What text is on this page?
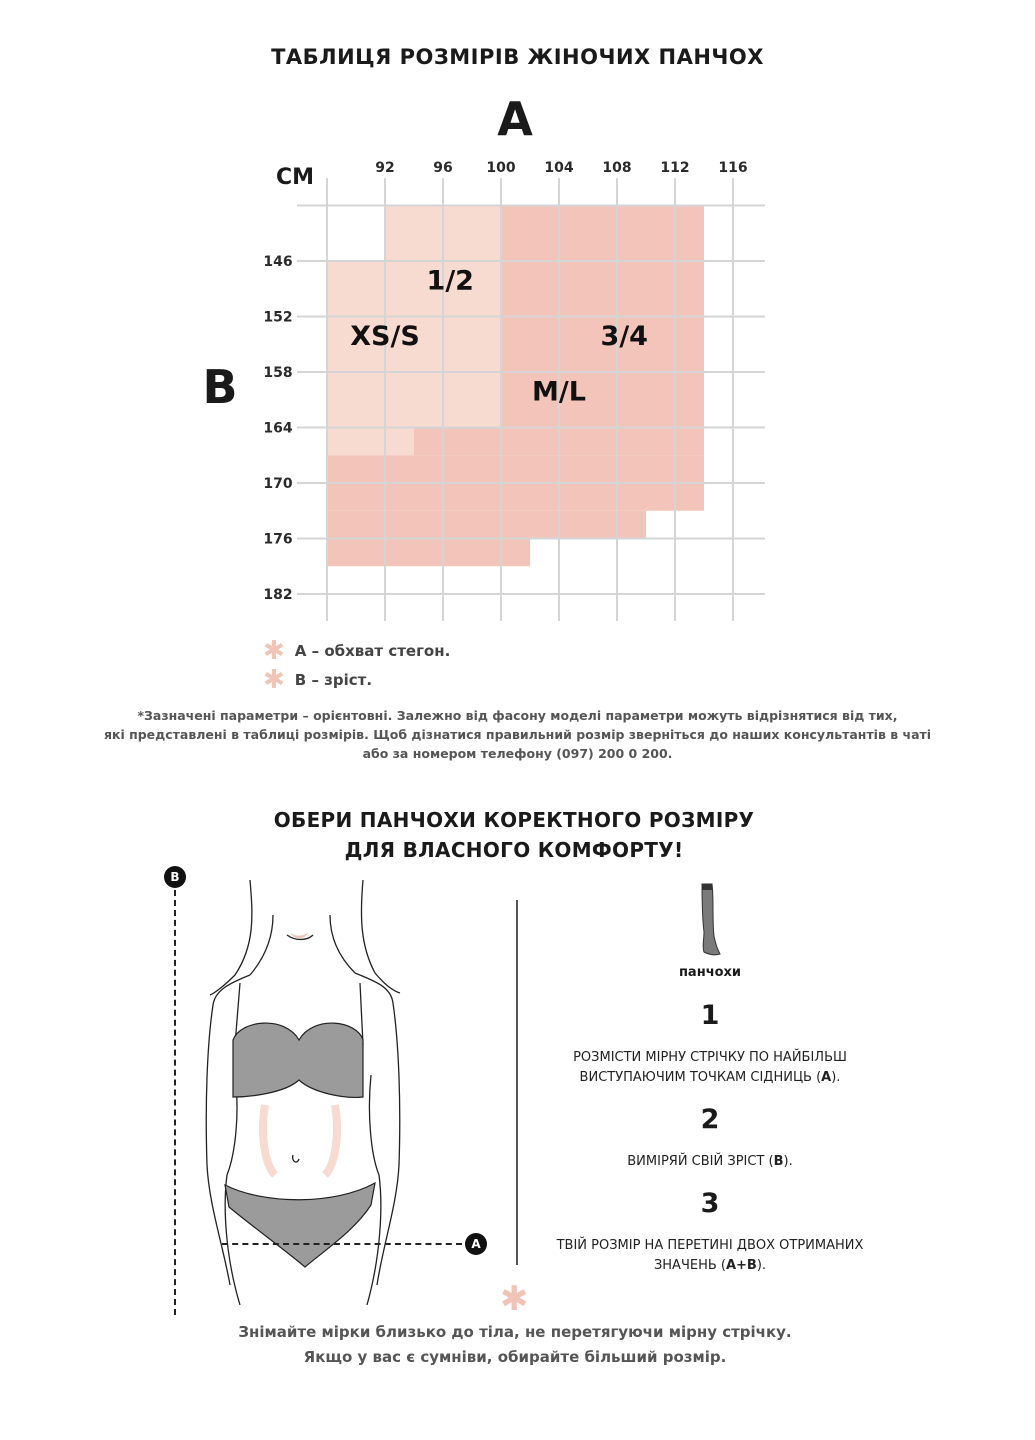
ТАБЛИЦЯ РОЗМІРІВ ЖІНОЧИХ ПАНЧОХ
A
СМ
B
92	96 100 104 108 112 116
146
152
158
164
170
176
182
1/2
XS/S	3/4
M/L
✱ A – обхват стегон.
✱ B – зріст.
*Зазначені параметри – орієнтовні. Залежно від фасону моделі параметри можуть відрізнятися від тих,
які представлені в таблиці розмірів. Щоб дізнатися правильний розмір зверніться до наших консультантів в чаті
або за номером телефону (097) 200 0 200.
ОБЕРИ ПАНЧОХИ КОРЕКТНОГО РОЗМІРУ
ДЛЯ ВЛАСНОГО КОМФОРТУ!
B
A
панчохи
1
РОЗМІСТИ МІРНУ СТРІЧКУ ПО НАЙБІЛЬШ
ВИСТУПАЮЧИМ ТОЧКАМ СІДНИЦЬ (A).
2
ВИМІРЯЙ СВІЙ ЗРІСТ (B).
3
ТВІЙ РОЗМІР НА ПЕРЕТИНІ ДВОХ ОТРИМАНИХ
ЗНАЧЕНЬ (A+B).
✱
Знімайте мірки близько до тіла, не перетягуючи мірну стрічку.
Якщо у вас є сумніви, обирайте більший розмір.
